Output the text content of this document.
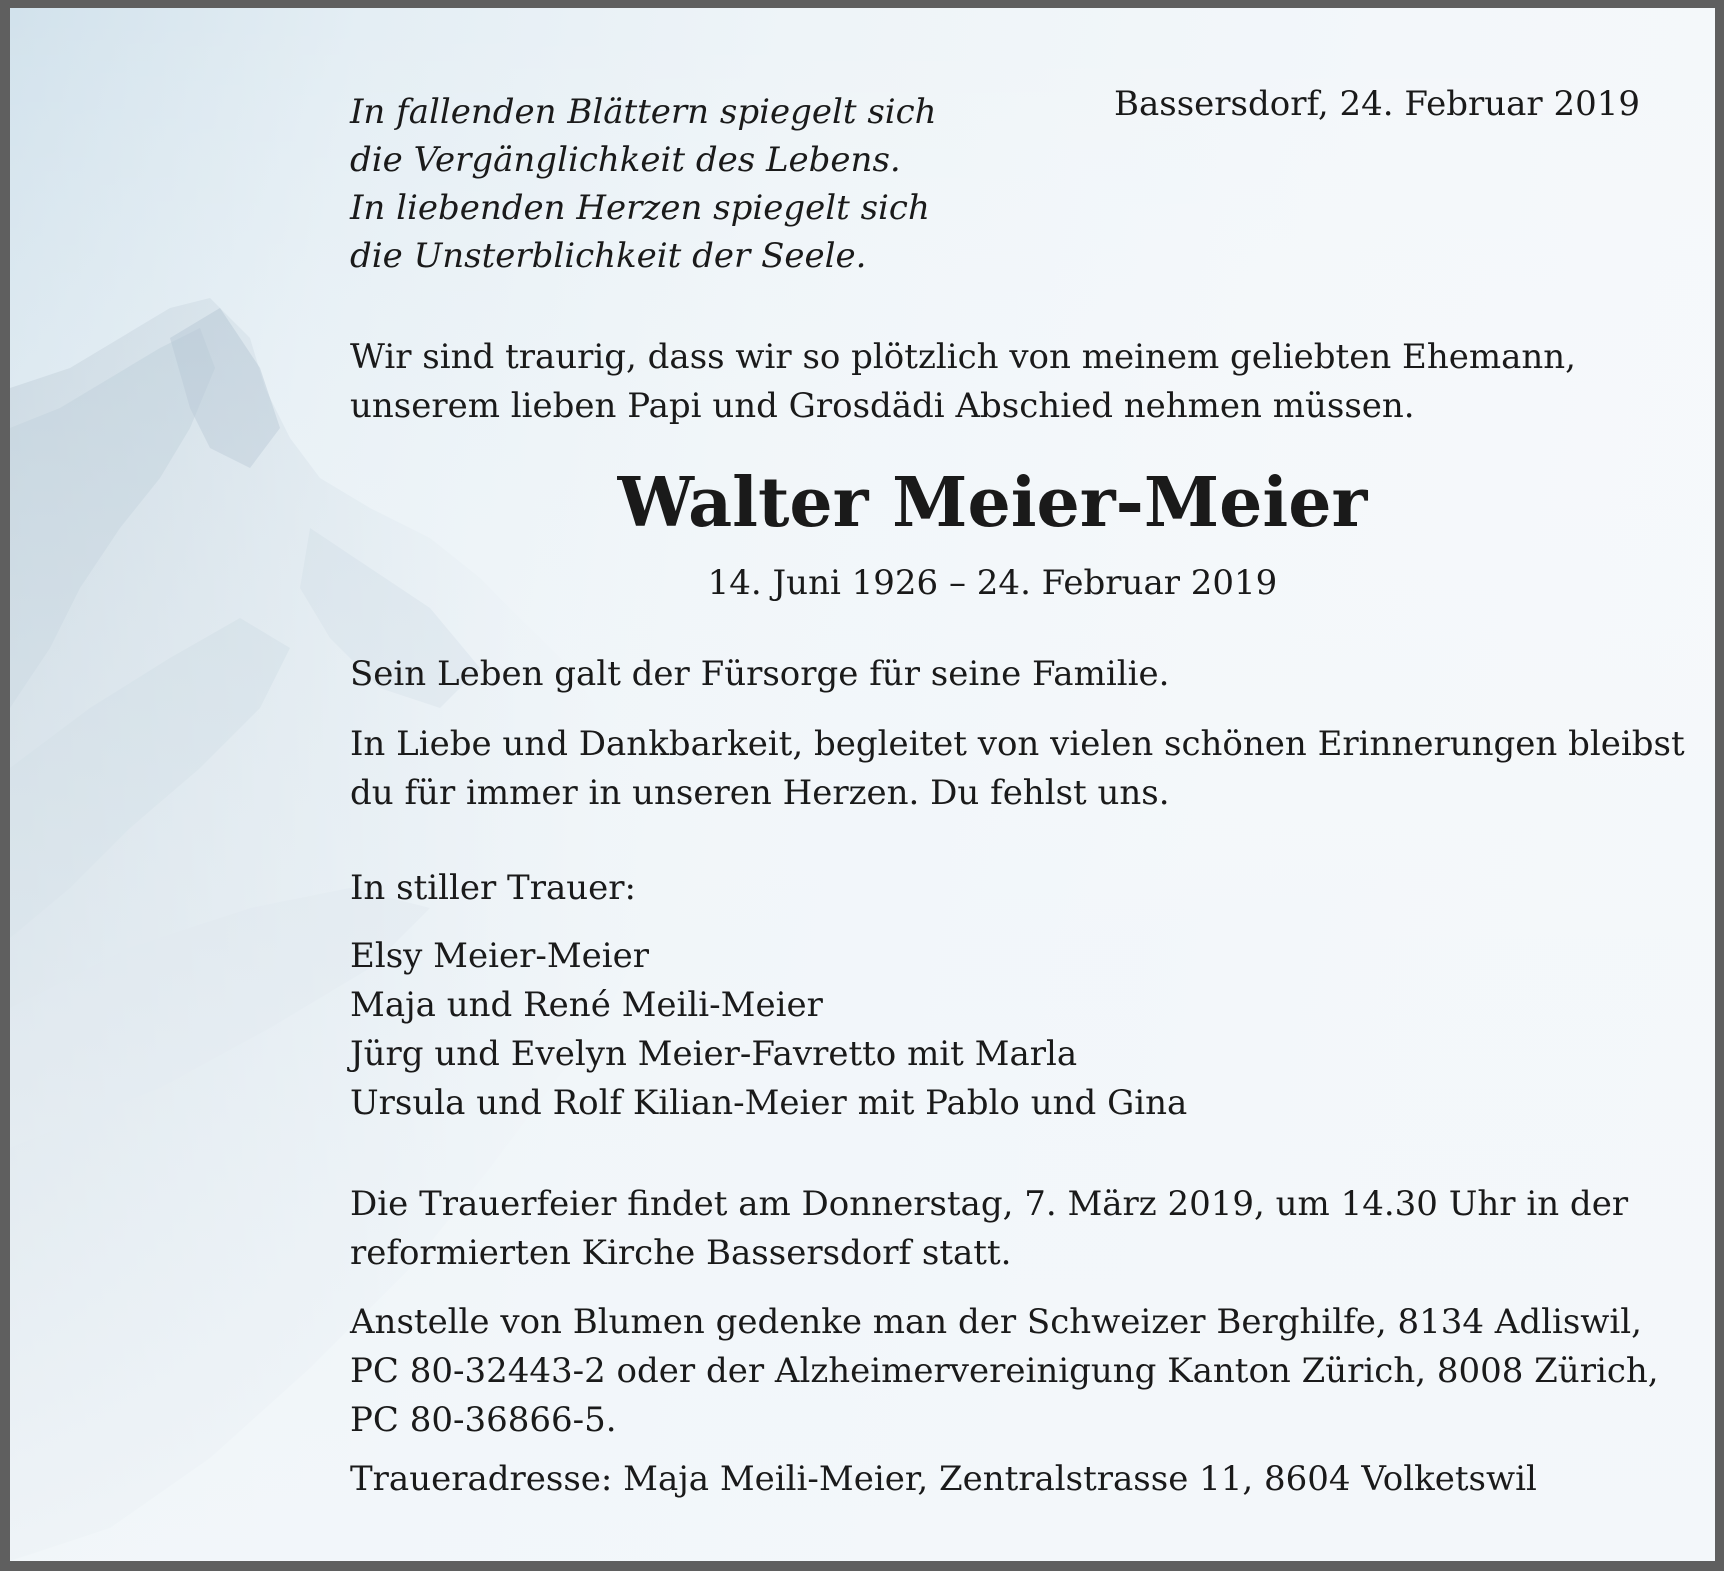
In fallenden Blättern spiegelt sich
die Vergänglichkeit des Lebens.
In liebenden Herzen spiegelt sich
die Unsterblichkeit der Seele.
Bassersdorf, 24. Februar 2019
Wir sind traurig, dass wir so plötzlich von meinem geliebten Ehemann,
unserem lieben Papi und Grosdädi Abschied nehmen müssen.
Walter Meier-Meier
14. Juni 1926 – 24. Februar 2019
Sein Leben galt der Fürsorge für seine Familie.
In Liebe und Dankbarkeit, begleitet von vielen schönen Erinnerungen bleibst
du für immer in unseren Herzen. Du fehlst uns.
In stiller Trauer:
Elsy Meier-Meier
Maja und René Meili-Meier
Jürg und Evelyn Meier-Favretto mit Marla
Ursula und Rolf Kilian-Meier mit Pablo und Gina
Die Trauerfeier findet am Donnerstag, 7. März 2019, um 14.30 Uhr in der
reformierten Kirche Bassersdorf statt.
Anstelle von Blumen gedenke man der Schweizer Berghilfe, 8134 Adliswil,
PC 80-32443-2 oder der Alzheimervereinigung Kanton Zürich, 8008 Zürich,
PC 80-36866-5.
Traueradresse: Maja Meili-Meier, Zentralstrasse 11, 8604 Volketswil
